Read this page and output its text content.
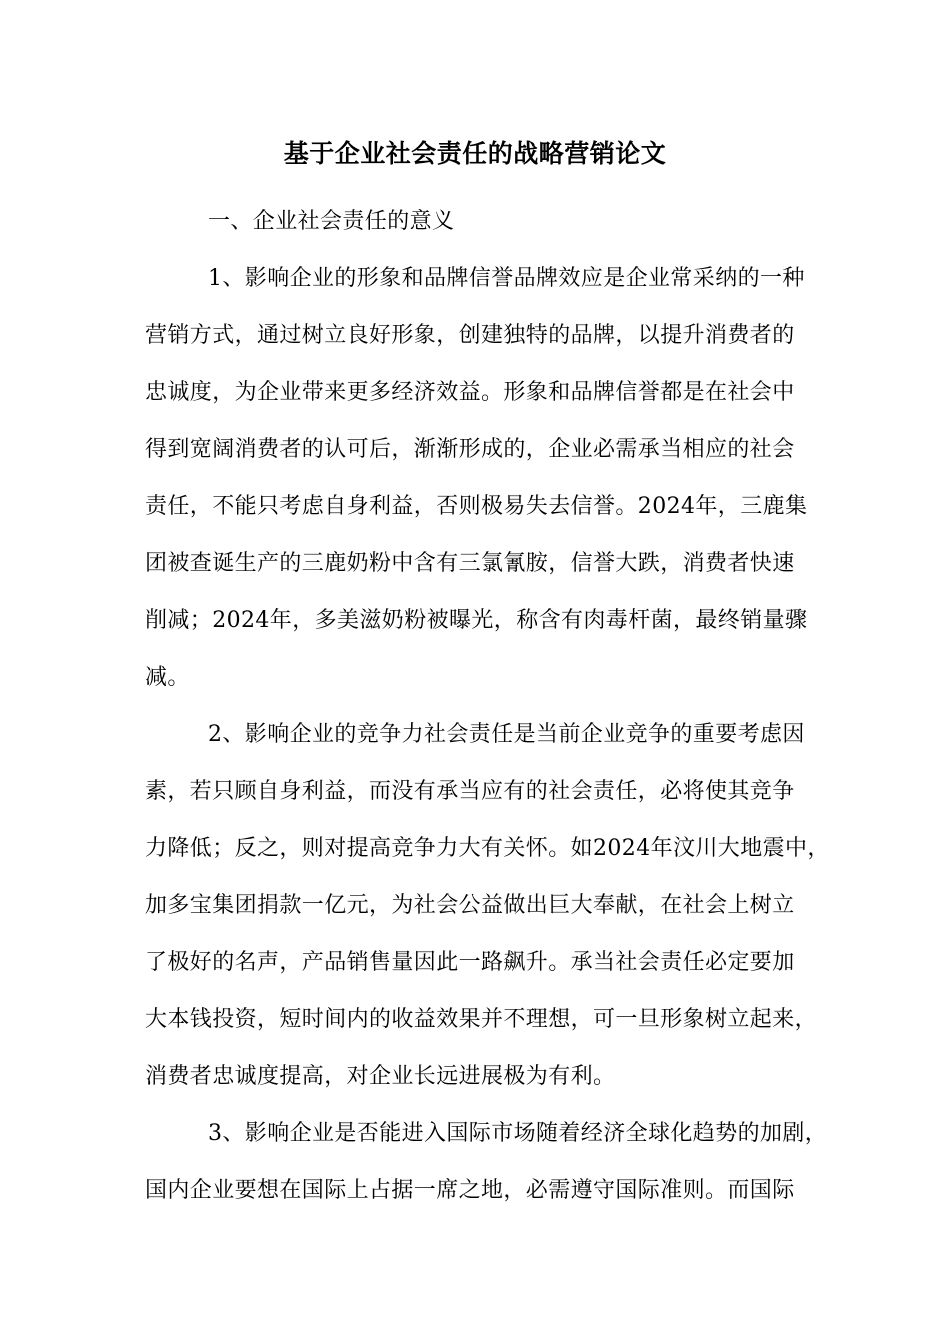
基于企业社会责任的战略营销论文
一、企业社会责任的意义
1、影响企业的形象和品牌信誉品牌效应是企业常采纳的一种
营销方式，通过树立良好形象，创建独特的品牌，以提升消费者的
忠诚度，为企业带来更多经济效益。形象和品牌信誉都是在社会中
得到宽阔消费者的认可后，渐渐形成的，企业必需承当相应的社会
责任，不能只考虑自身利益，否则极易失去信誉。2024年，三鹿集
团被查诞生产的三鹿奶粉中含有三氯氰胺，信誉大跌，消费者快速
削减；2024年，多美滋奶粉被曝光，称含有肉毒杆菌，最终销量骤
减。
2、影响企业的竞争力社会责任是当前企业竞争的重要考虑因
素，若只顾自身利益，而没有承当应有的社会责任，必将使其竞争
力降低；反之，则对提高竞争力大有关怀。如2024年汶川大地震中，
加多宝集团捐款一亿元，为社会公益做出巨大奉献，在社会上树立
了极好的名声，产品销售量因此一路飙升。承当社会责任必定要加
大本钱投资，短时间内的收益效果并不理想，可一旦形象树立起来，
消费者忠诚度提高，对企业长远进展极为有利。
3、影响企业是否能进入国际市场随着经济全球化趋势的加剧，
国内企业要想在国际上占据一席之地，必需遵守国际准则。而国际
